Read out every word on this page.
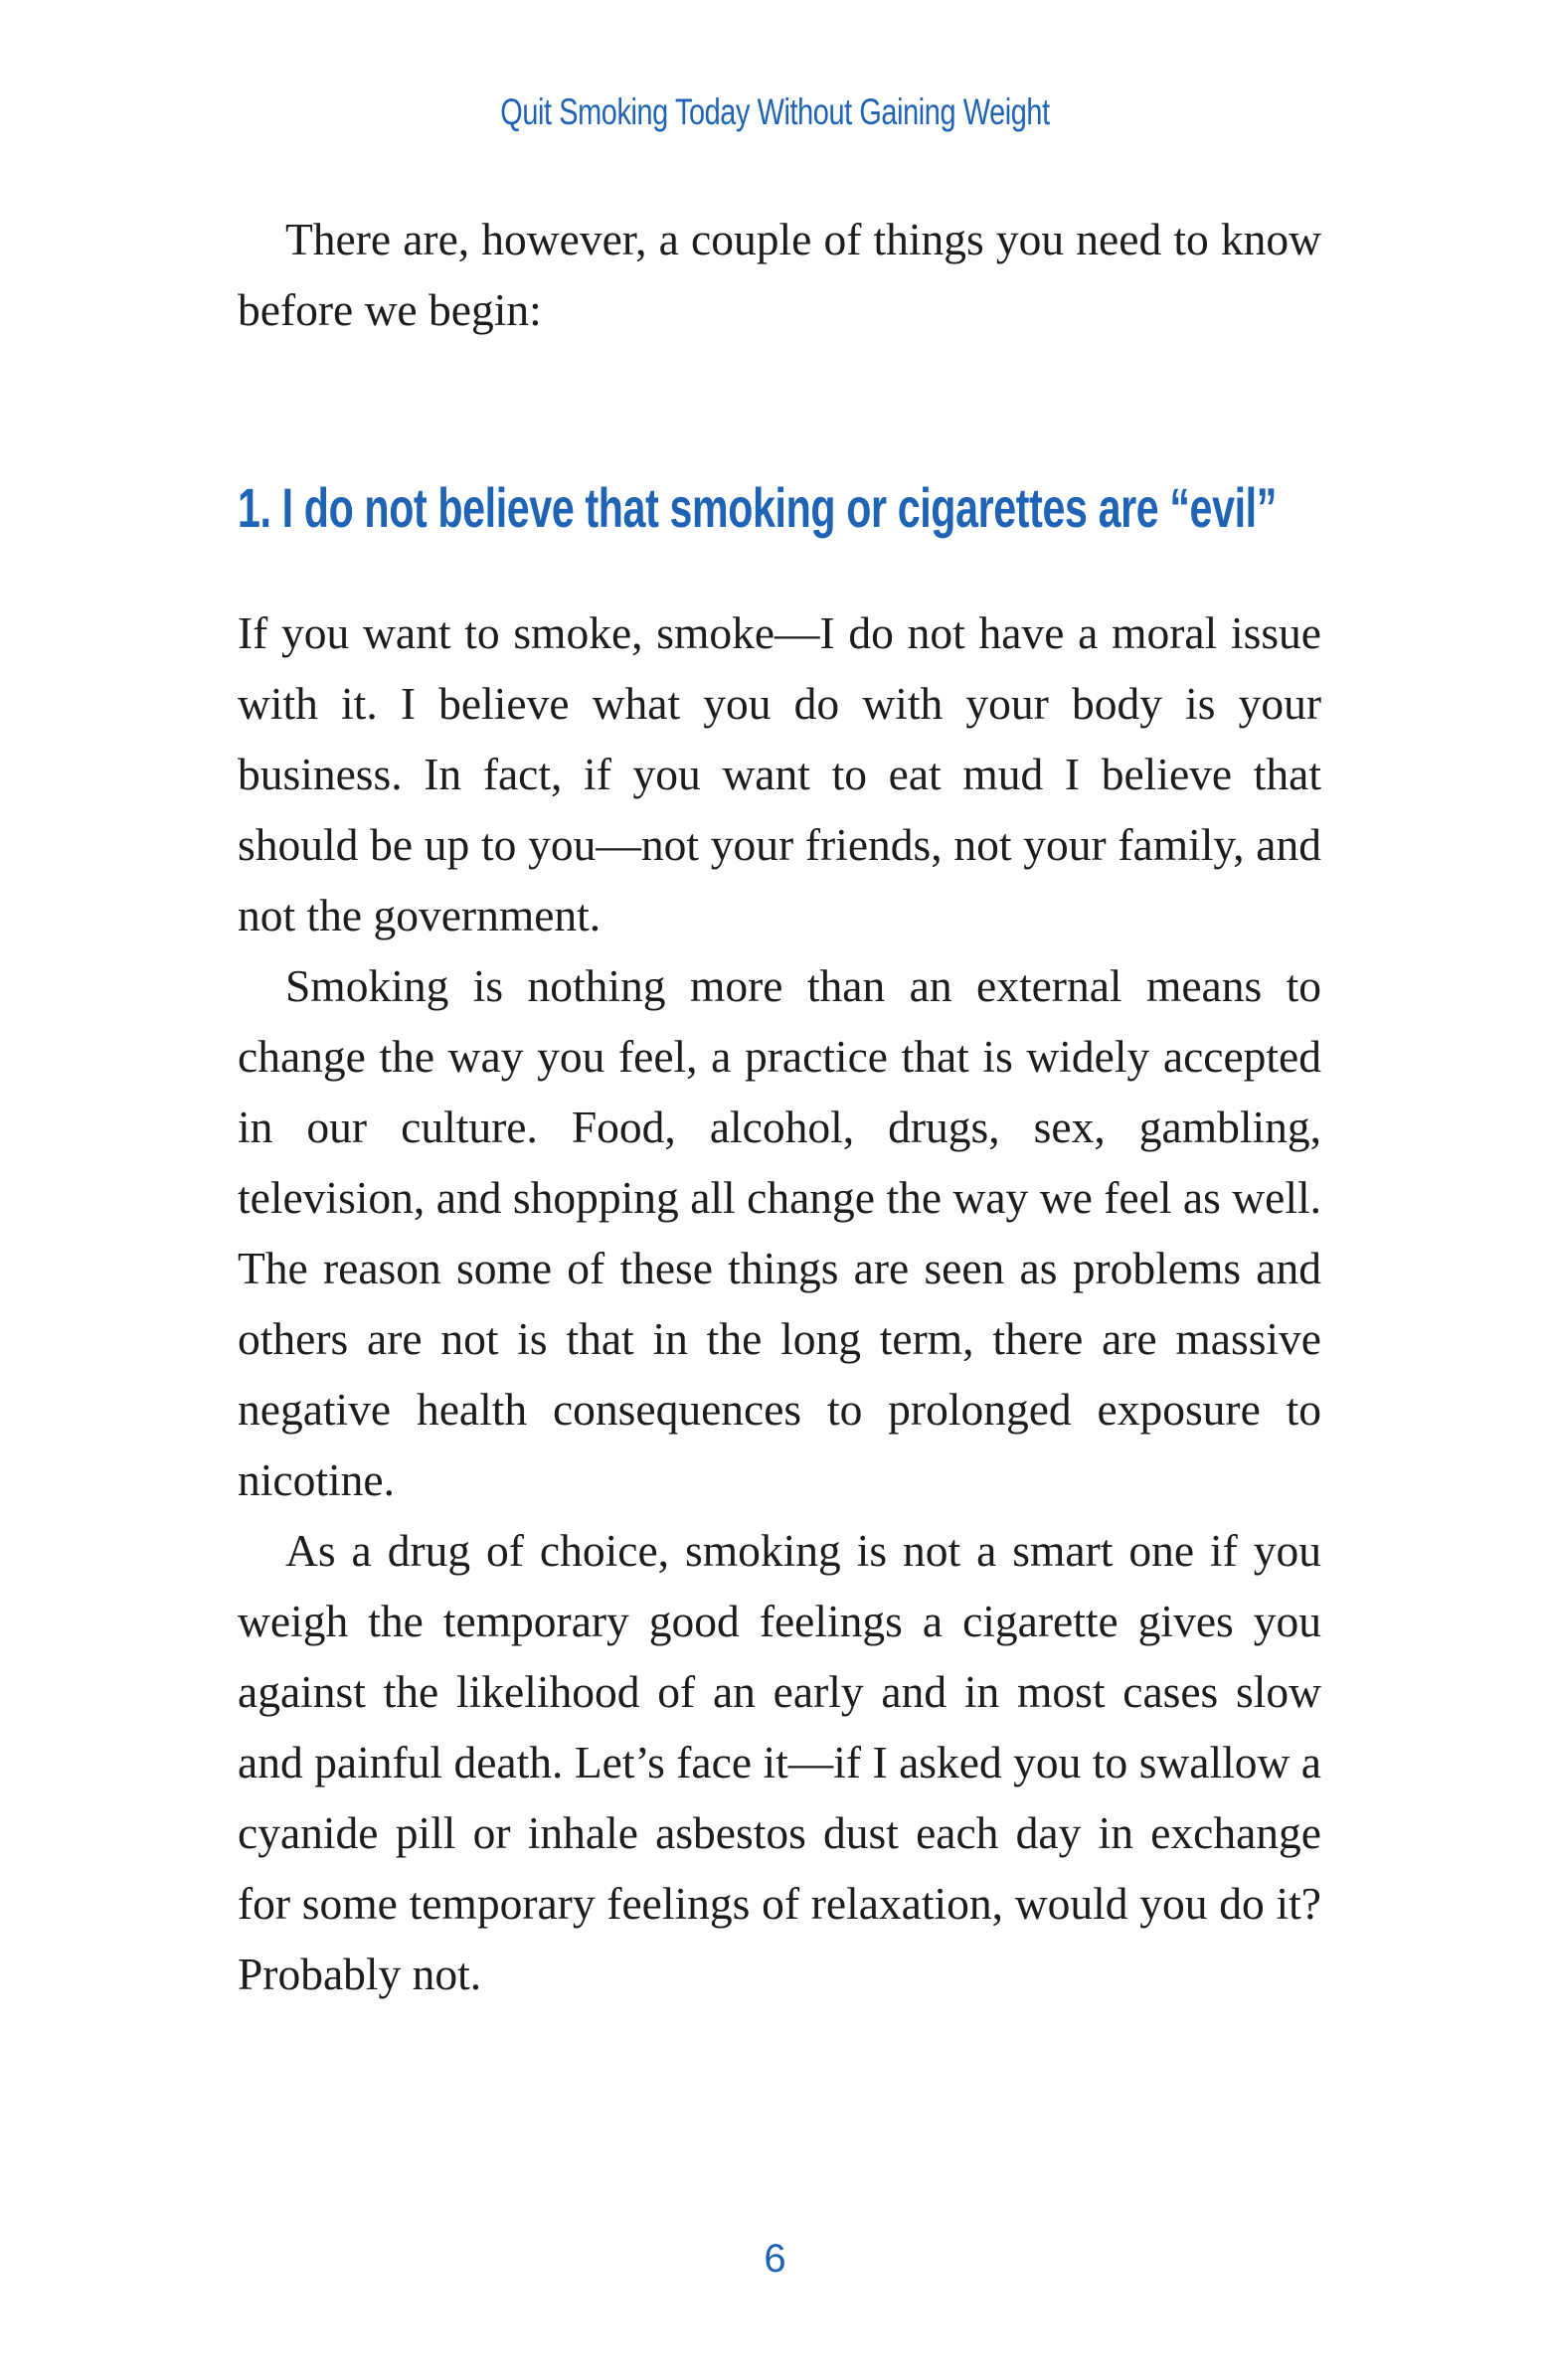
Quit Smoking Today Without Gaining Weight

There are, however, a couple of things you need to know before we begin:

1. I do not believe that smoking or cigarettes are “evil”

If you want to smoke, smoke—I do not have a moral issue with it. I believe what you do with your body is your business. In fact, if you want to eat mud I believe that should be up to you—not your friends, not your family, and not the government.

Smoking is nothing more than an external means to change the way you feel, a practice that is widely accepted in our culture. Food, alcohol, drugs, sex, gambling, television, and shopping all change the way we feel as well. The reason some of these things are seen as problems and others are not is that in the long term, there are massive negative health consequences to prolonged exposure to nicotine.

As a drug of choice, smoking is not a smart one if you weigh the temporary good feelings a cigarette gives you against the likelihood of an early and in most cases slow and painful death. Let’s face it—if I asked you to swallow a cyanide pill or inhale asbestos dust each day in exchange for some temporary feelings of relaxation, would you do it? Probably not.

6
